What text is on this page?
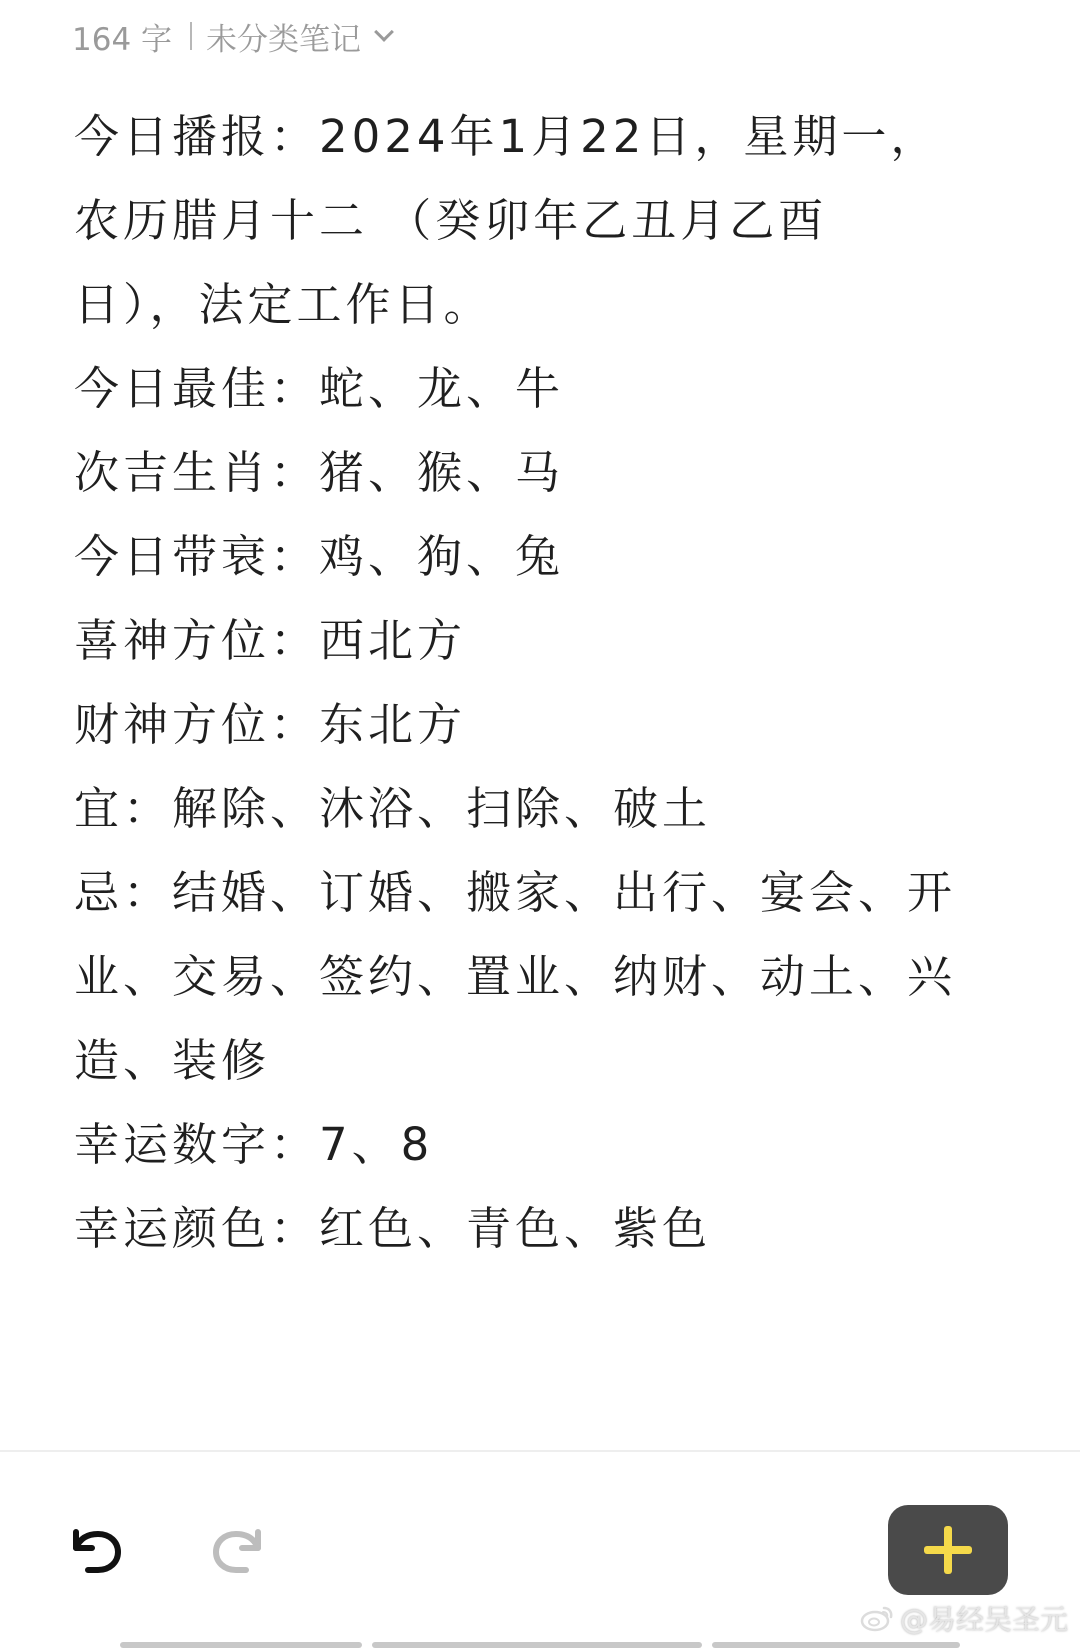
164 字 未分类笔记
今日播报：2024年1月22日，星期一，
农历腊月十二 （癸卯年乙丑月乙酉
日），法定工作日。
今日最佳：蛇、龙、牛
次吉生肖：猪、猴、马
今日带衰：鸡、狗、兔
喜神方位：西北方
财神方位：东北方
宜：解除、沐浴、扫除、破土
忌：结婚、订婚、搬家、出行、宴会、开
业、交易、签约、置业、纳财、动土、兴
造、装修
幸运数字：7、8
幸运颜色：红色、青色、紫色
@易经吴圣元
